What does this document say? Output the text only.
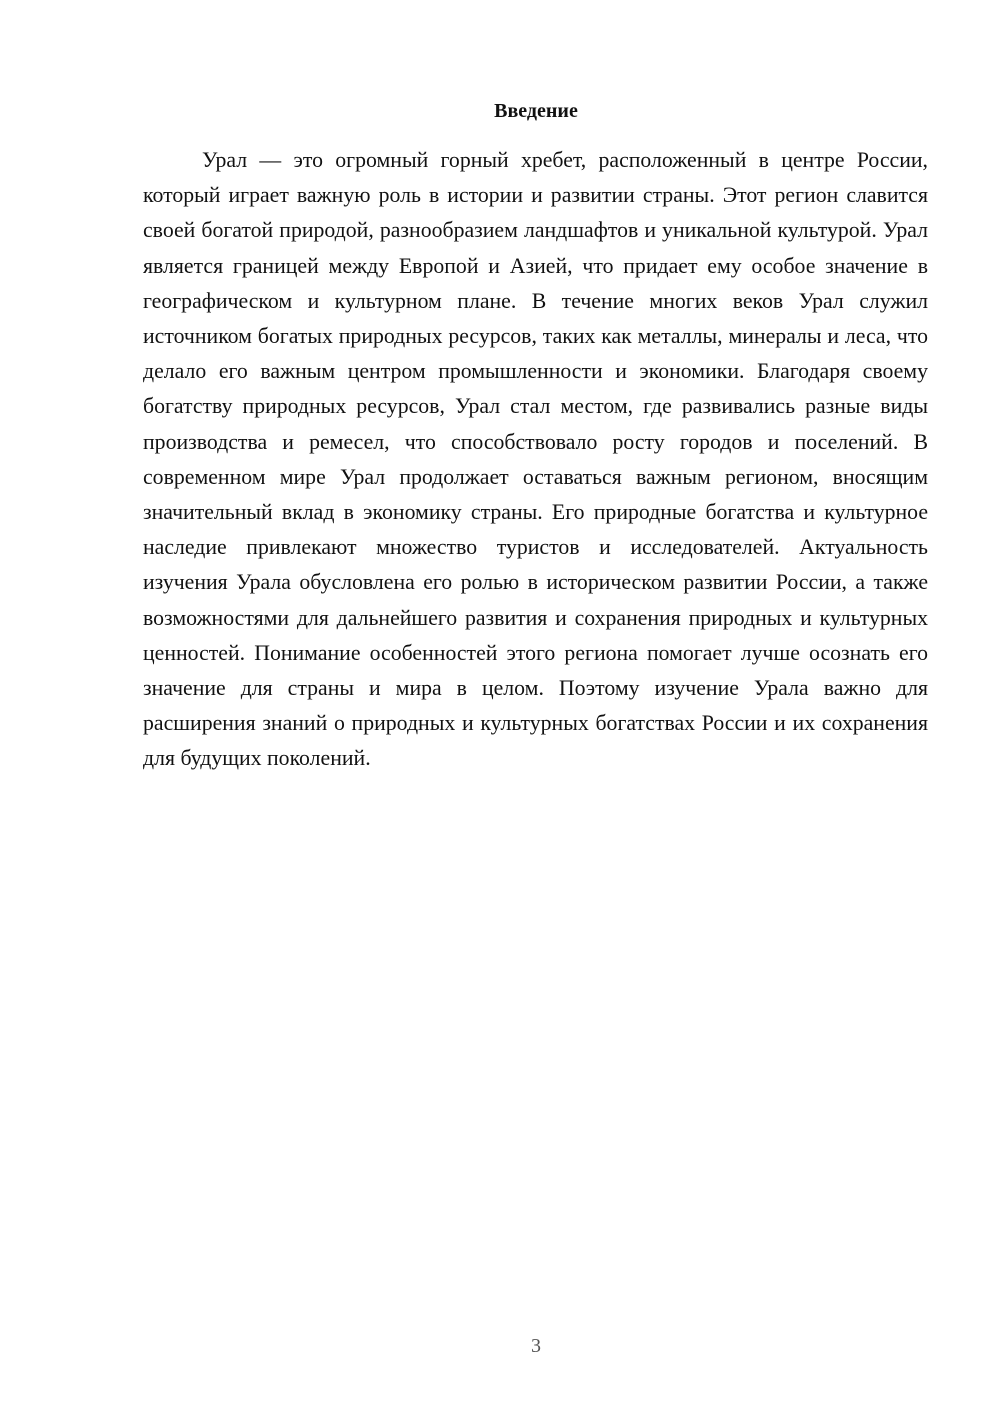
Введение

Урал — это огромный горный хребет, расположенный в центре России, который играет важную роль в истории и развитии страны. Этот регион славится своей богатой природой, разнообразием ландшафтов и уникальной культурой. Урал является границей между Европой и Азией, что придает ему особое значение в географическом и культурном плане. В течение многих веков Урал служил источником богатых природных ресурсов, таких как металлы, минералы и леса, что делало его важным центром промышленности и экономики. Благодаря своему богатству природных ресурсов, Урал стал местом, где развивались разные виды производства и ремесел, что способствовало росту городов и поселений. В современном мире Урал продолжает оставаться важным регионом, вносящим значительный вклад в экономику страны. Его природные богатства и культурное наследие привлекают множество туристов и исследователей. Актуальность изучения Урала обусловлена его ролью в историческом развитии России, а также возможностями для дальнейшего развития и сохранения природных и культурных ценностей. Понимание особенностей этого региона помогает лучше осознать его значение для страны и мира в целом. Поэтому изучение Урала важно для расширения знаний о природных и культурных богатствах России и их сохранения для будущих поколений.

3
